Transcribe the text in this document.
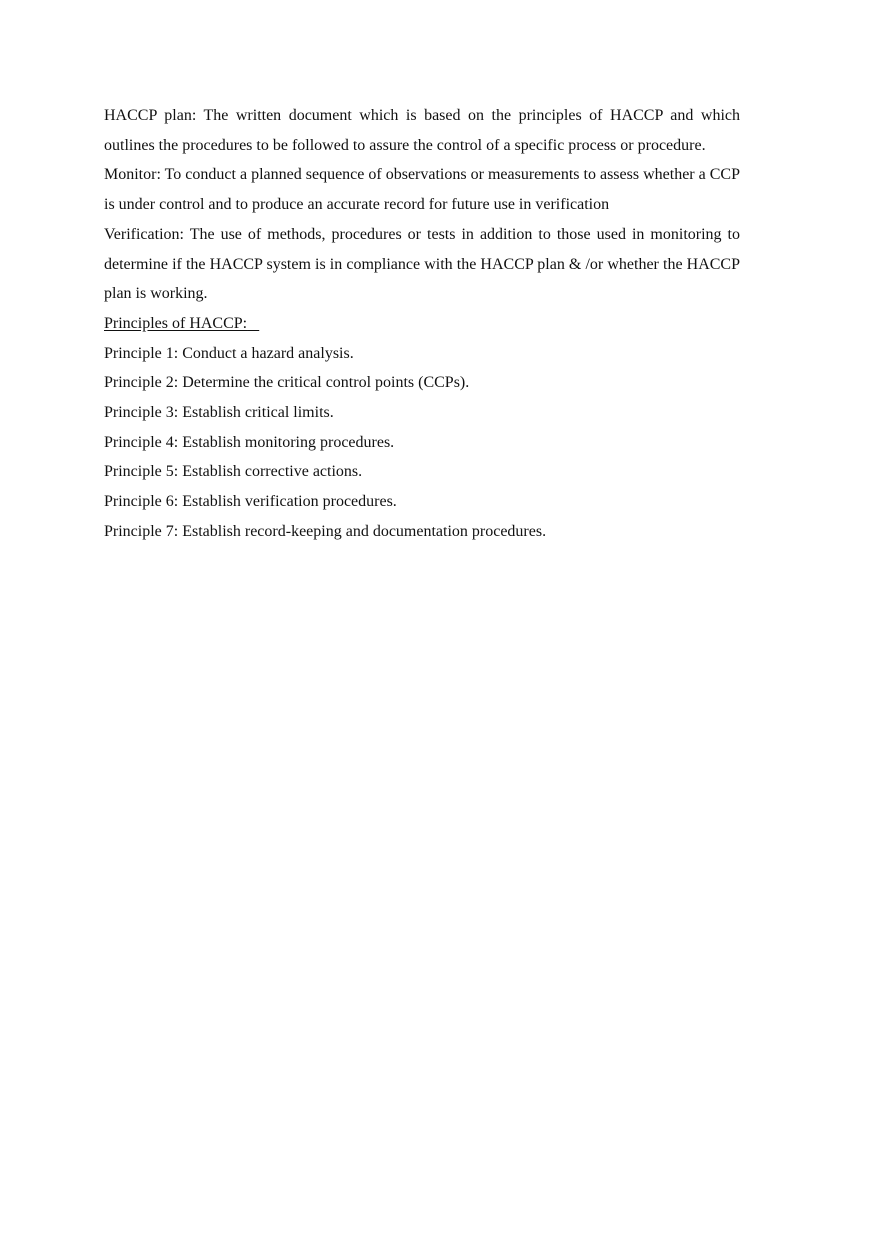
HACCP plan: The written document which is based on the principles of HACCP and which outlines the procedures to be followed to assure the control of a specific process or procedure.

Monitor: To conduct a planned sequence of observations or measurements to assess whether a CCP is under control and to produce an accurate record for future use in verification

Verification: The use of methods, procedures or tests in addition to those used in monitoring to determine if the HACCP system is in compliance with the HACCP plan & /or whether the HACCP plan is working.

Principles of HACCP:

Principle 1: Conduct a hazard analysis.
Principle 2: Determine the critical control points (CCPs).
Principle 3: Establish critical limits.
Principle 4: Establish monitoring procedures.
Principle 5: Establish corrective actions.
Principle 6: Establish verification procedures.
Principle 7: Establish record-keeping and documentation procedures.
